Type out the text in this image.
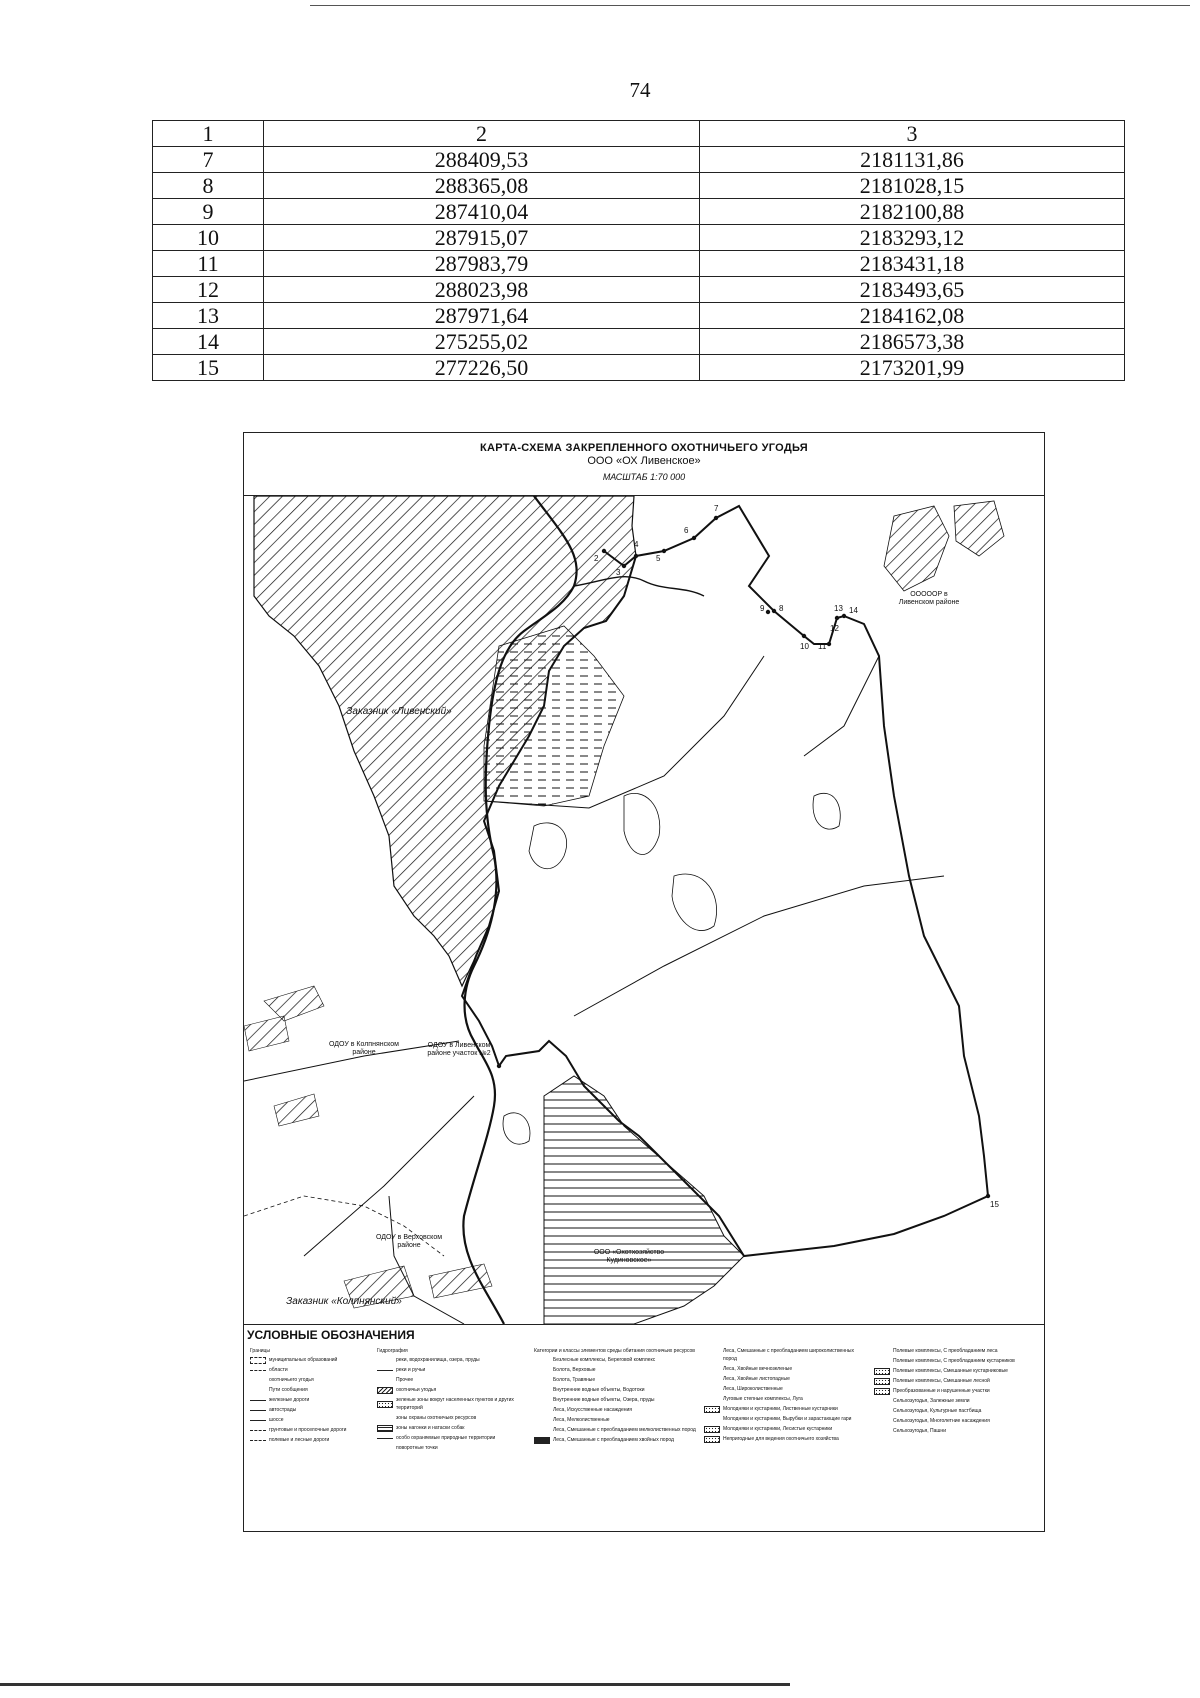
74
1	2	3
7	288409,53	2181131,86
8	288365,08	2181028,15
9	287410,04	2182100,88
10	287915,07	2183293,12
11	287983,79	2183431,18
12	288023,98	2183493,65
13	287971,64	2184162,08
14	275255,02	2186573,38
15	277226,50	2173201,99
КАРТА-СХЕМА ЗАКРЕПЛЕННОГО ОХОТНИЧЬЕГО УГОДЬЯ
ООО «ОХ Ливенское»
МАСШТАБ 1:70 000
2
3
4
5
6
7
8
9
10 11
12
13 14
15
Заказник «Ливенский»
Заказник «Колпнянский»
ОДОУ в Ливенском районе участок №2
ОДОУ в Колпнянском районе
ОДОУ в Верховском районе
ОООООР в Ливенском районе
ООО «Охотхозяйство Кудиновское»
УСЛОВНЫЕ ОБОЗНАЧЕНИЯ
Границы
муниципальных образований
области
охотничьего угодья
Пути сообщения
железные дороги
автострады
шоссе
грунтовые и проселочные дороги
полевые и лесные дороги
Гидрография
реки, водохранилища, озера, пруды
реки и ручьи
Прочее
охотничьи угодья
зеленые зоны вокруг населенных пунктов и других территорий
зоны охраны охотничьих ресурсов
зоны нагонки и натаски собак
особо охраняемые природные территории
поворотные точки
Категории и классы элементов среды обитания охотничьих ресурсов
Безлесные комплексы, Береговой комплекс
Болота, Верховые
Болота, Травяные
Внутренние водные объекты, Водотоки
Внутренние водные объекты, Озера, пруды
Леса, Искусственные насаждения
Леса, Мелколиственные
Леса, Смешанные с преобладанием мелколиственных пород
Леса, Смешанные с преобладанием хвойных пород
Леса, Смешанные с преобладанием широколиственных пород
Леса, Хвойные вечнозеленые
Леса, Хвойные листопадные
Леса, Широколиственные
Луговые степные комплексы, Луга
Молодняки и кустарники, Лиственные кустарники
Молодняки и кустарники, Вырубки и зарастающие гари
Молодняки и кустарники, Лесистые кустарники
Непригодные для ведения охотничьего хозяйства
Полевые комплексы, С преобладанием леса
Полевые комплексы, С преобладанием кустарников
Полевые комплексы, Смешанные кустарниковые
Полевые комплексы, Смешанные лесной
Преобразованные и нарушенные участки
Сельхозугодья, Залежные земли
Сельхозугодья, Культурные пастбища
Сельхозугодья, Многолетние насаждения
Сельхозугодья, Пашни
